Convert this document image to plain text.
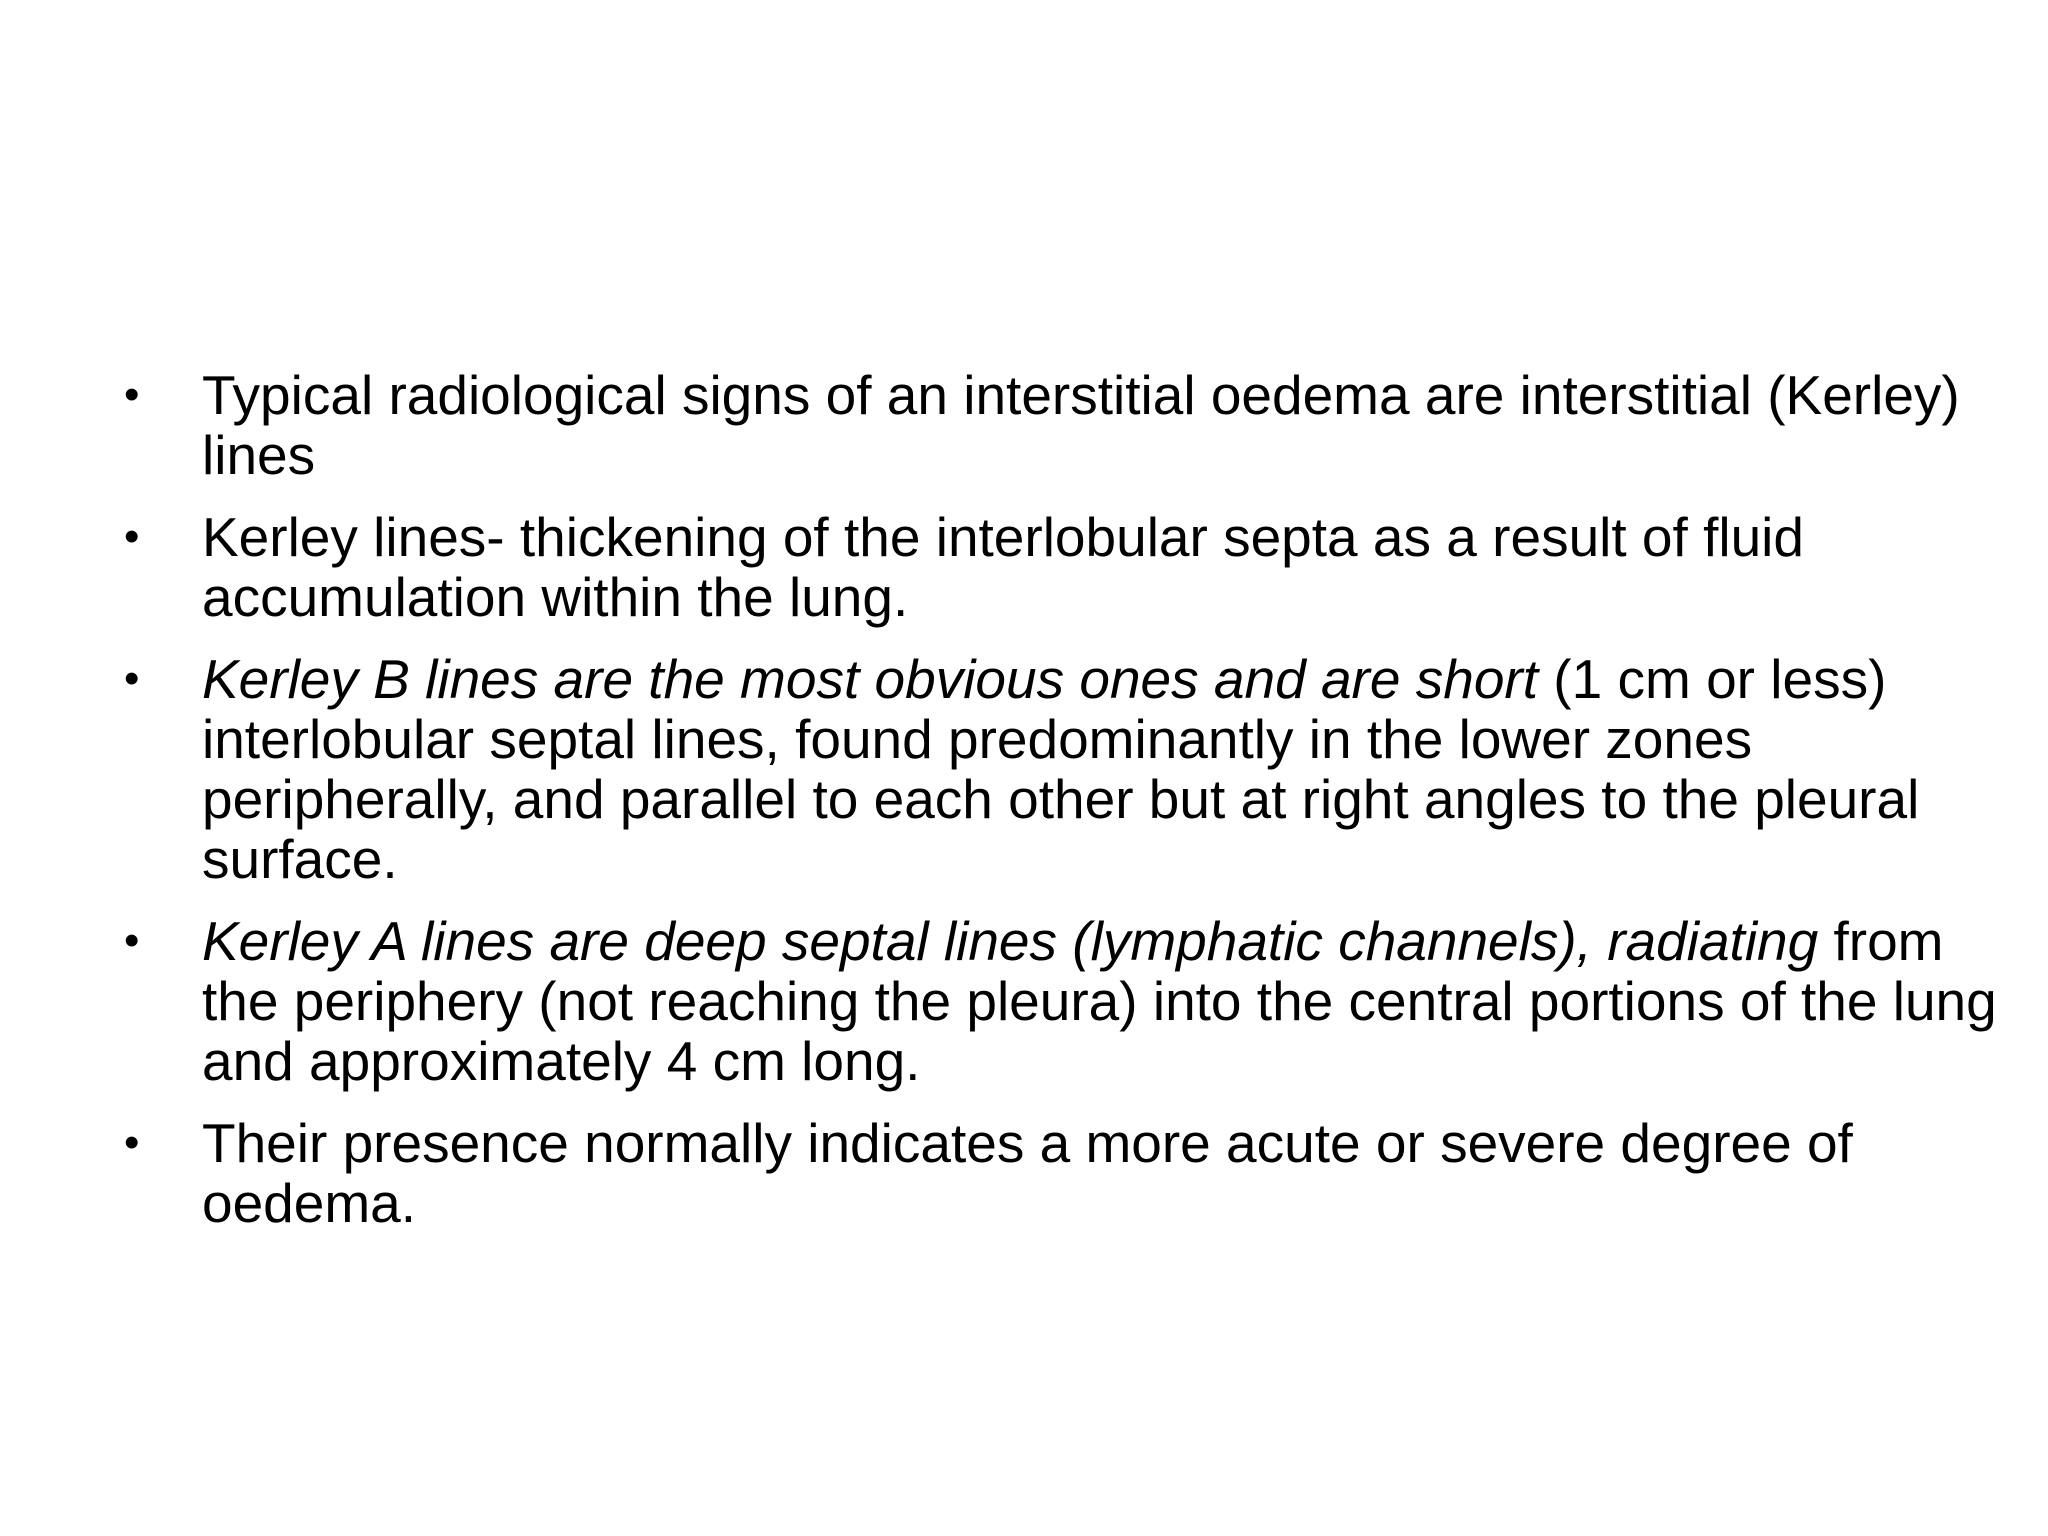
• Typical radiological signs of an interstitial oedema are interstitial (Kerley) lines
• Kerley lines- thickening of the interlobular septa as a result of fluid accumulation within the lung.
• Kerley B lines are the most obvious ones and are short (1 cm or less) interlobular septal lines, found predominantly in the lower zones peripherally, and parallel to each other but at right angles to the pleural surface.
• Kerley A lines are deep septal lines (lymphatic channels), radiating from the periphery (not reaching the pleura) into the central portions of the lung and approximately 4 cm long.
• Their presence normally indicates a more acute or severe degree of oedema.
